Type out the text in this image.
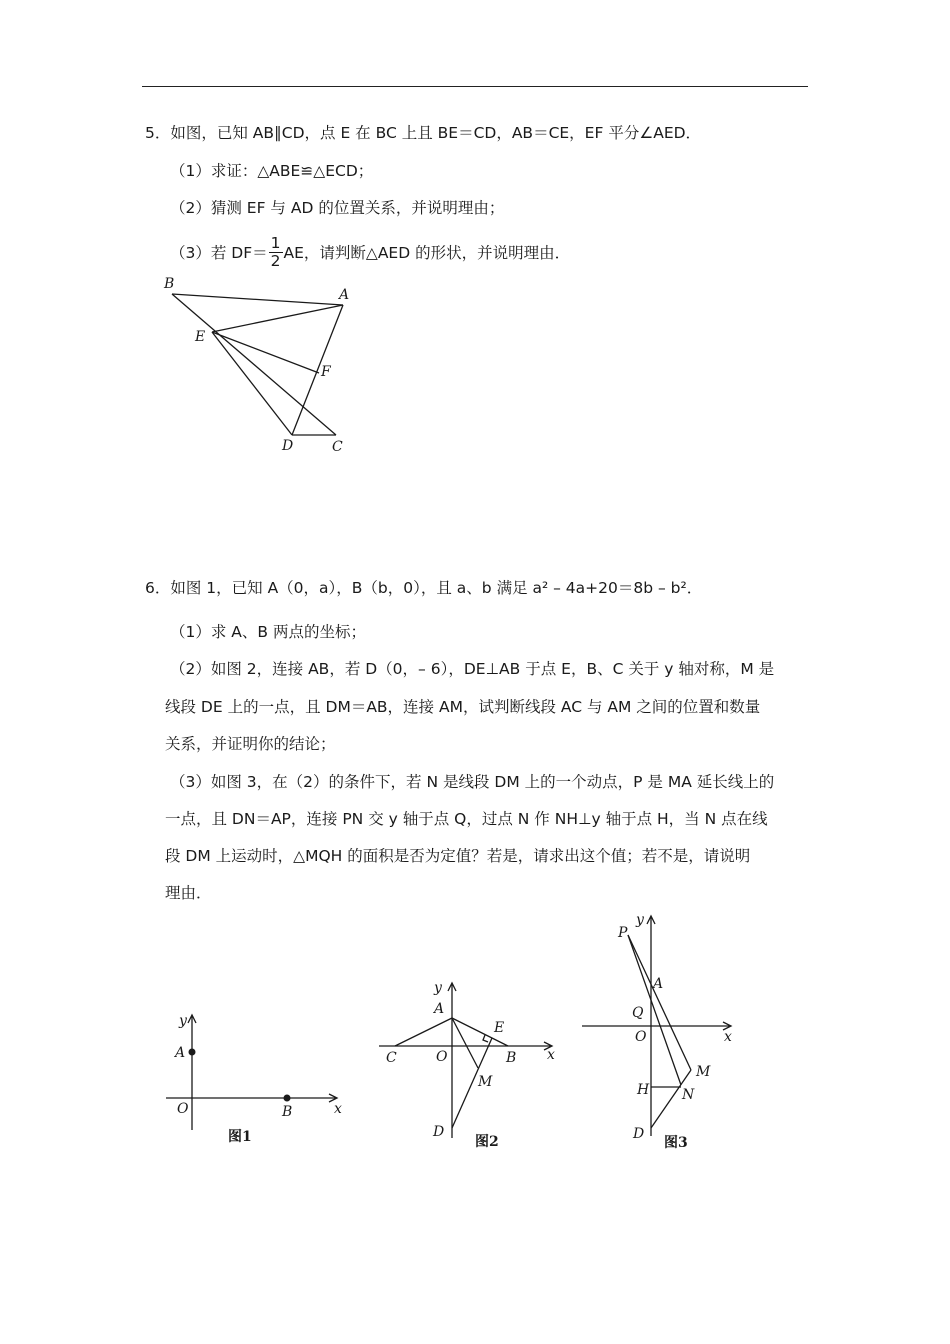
5．如图，已知 AB∥CD，点 E 在 BC 上且 BE＝CD，AB＝CE，EF 平分∠AED．
（1）求证：△ABE≌△ECD；
（2）猜测 EF 与 AD 的位置关系，并说明理由；
（3）若 $DF= \frac{1}{2}$ AE，请判断△AED 的形状，并说明理由．
B
A
E
F
D	C
6．如图 1，已知 A（0，a），B（b，0），且 a、b 满足 a² – 4a+20＝8b – b²．
（1）求 A、B 两点的坐标；
（2）如图 2，连接 AB，若 D（0，– 6），DE⊥AB 于点 E，B、C 关于 y 轴对称，M 是
线段 DE 上的一点，且 DM＝AB，连接 AM，试判断线段 AC 与 AM 之间的位置和数量
关系，并证明你的结论；
（3）如图 3，在（2）的条件下，若 N 是线段 DM 上的一个动点，P 是 MA 延长线上的
一点，且 DN＝AP，连接 PN 交 y 轴于点 Q，过点 N 作 NH⊥y 轴于点 H，当 N 点在线
段 DM 上运动时，△MQH 的面积是否为定值？若是，请求出这个值；若不是，请说明
理由．
y
A
O	B	x
图1
y
A
E
C	O	B x
M
D
图2
y
P
A
Q
O	x
M
H N
D
图3
